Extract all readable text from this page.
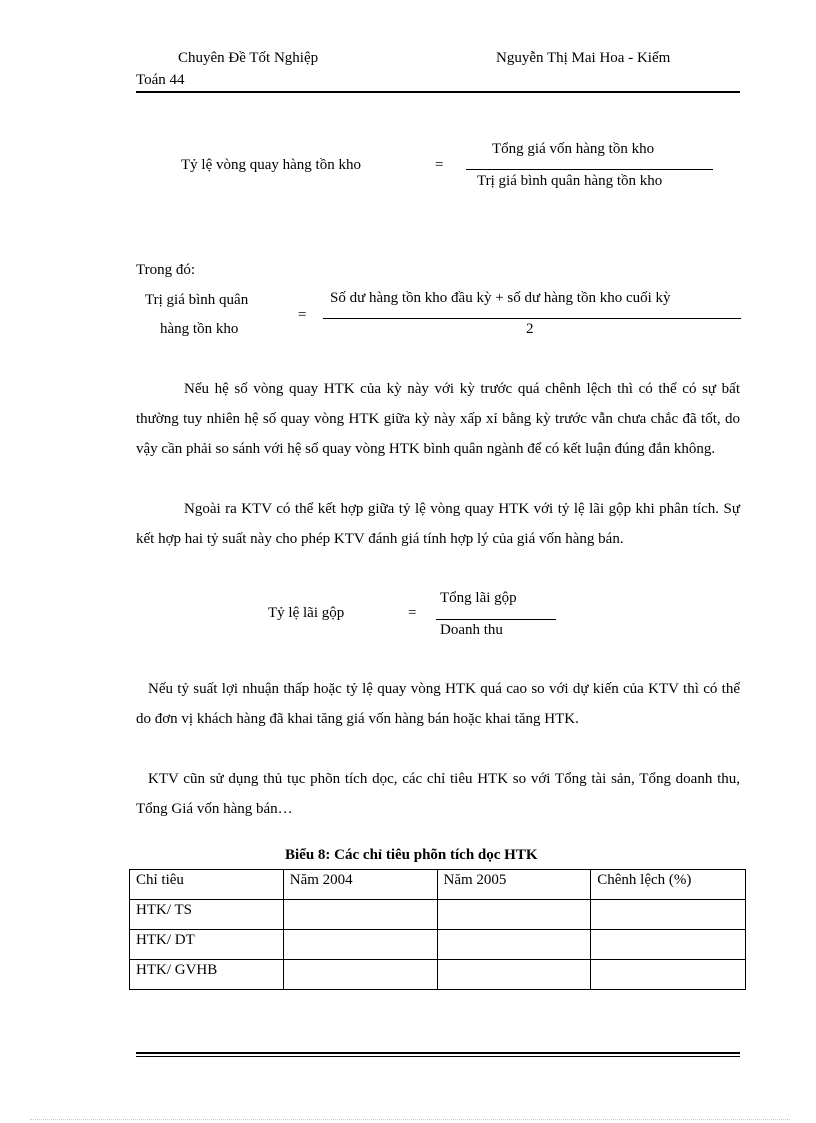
Chuyên Đề Tốt Nghiệp	Nguyễn Thị Mai Hoa - Kiểm
Toán 44
Tỷ lệ vòng quay hàng tồn kho	=
Tổng giá vốn hàng tồn kho
Trị giá bình quân hàng tồn kho
Trong đó:
Trị giá bình quân
hàng tồn kho
=
Số dư hàng tồn kho đầu kỳ + số dư hàng tồn kho cuối kỳ
2
Nếu hệ số vòng quay HTK của kỳ này với kỳ trước quá chênh lệch thì có thể có sự bất thường tuy nhiên hệ số quay vòng HTK giữa kỳ này xấp xỉ bằng kỳ trước vẫn chưa chắc đã tốt, do vậy cần phải so sánh với hệ số quay vòng HTK bình quân ngành để có kết luận đúng đắn không.
Ngoài ra KTV có thể kết hợp giữa tỷ lệ vòng quay HTK với tỷ lệ lãi gộp khi phân tích. Sự kết hợp hai tỷ suất này cho phép KTV đánh giá tính hợp lý của giá vốn hàng bán.
Tỷ lệ lãi gộp	=
Tổng lãi gộp
Doanh thu
Nếu tỷ suất lợi nhuận thấp hoặc tỷ lệ quay vòng HTK quá cao so với dự kiến của KTV thì có thể do đơn vị khách hàng đã khai tăng giá vốn hàng bán hoặc khai tăng HTK.
KTV cũn sử dụng thủ tục phõn tích dọc, các chỉ tiêu HTK so với Tổng tài sản, Tổng doanh thu, Tổng Giá vốn hàng bán…
Biểu 8: Các chỉ tiêu phõn tích dọc HTK
Chỉ tiêu	Năm 2004	Năm 2005	Chênh lệch (%)
HTK/ TS			
HTK/ DT			
HTK/ GVHB			
